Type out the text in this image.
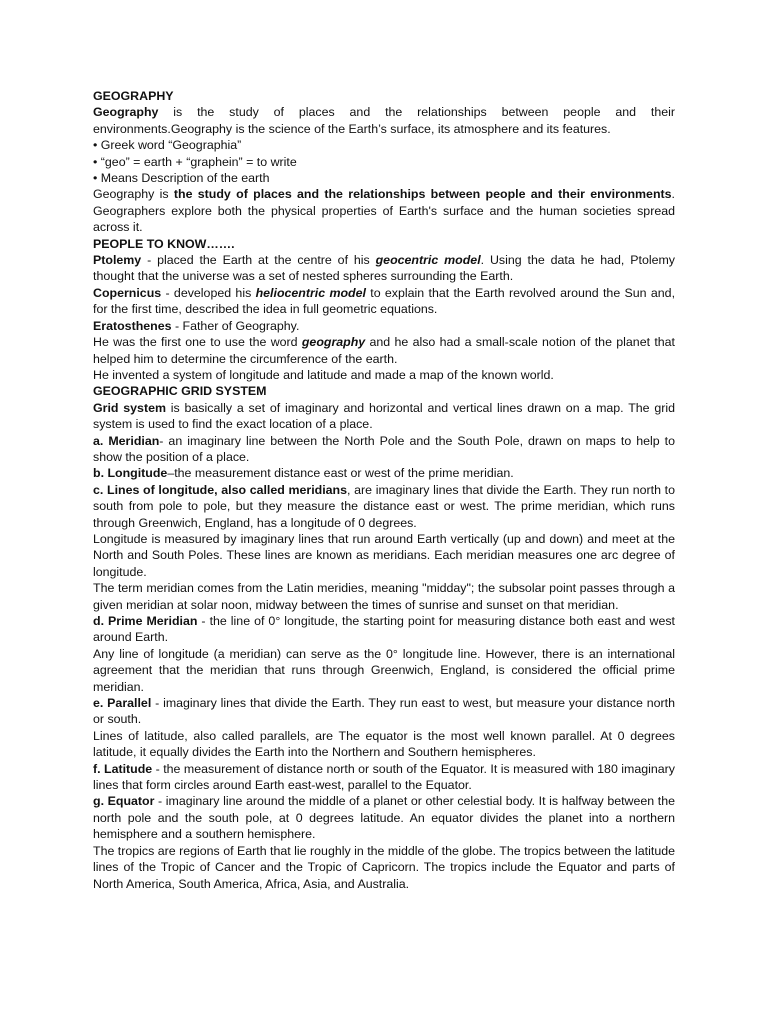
GEOGRAPHY

Geography is the study of places and the relationships between people and their environments.Geography is the science of the Earth’s surface, its atmosphere and its features.

• Greek word “Geographia”

• “geo” = earth + “graphein” = to write

• Means Description of the earth

Geography is the study of places and the relationships between people and their environments. Geographers explore both the physical properties of Earth's surface and the human societies spread across it.

PEOPLE TO KNOW…….

Ptolemy - placed the Earth at the centre of his geocentric model. Using the data he had, Ptolemy thought that the universe was a set of nested spheres surrounding the Earth.

Copernicus - developed his heliocentric model to explain that the Earth revolved around the Sun and, for the first time, described the idea in full geometric equations.

Eratosthenes - Father of Geography.

He was the first one to use the word geography and he also had a small-scale notion of the planet that helped him to determine the circumference of the earth.

He invented a system of longitude and latitude and made a map of the known world.

GEOGRAPHIC GRID SYSTEM

Grid system is basically a set of imaginary and horizontal and vertical lines drawn on a map. The grid system is used to find the exact location of a place.

a. Meridian- an imaginary line between the North Pole and the South Pole, drawn on maps to help to show the position of a place.

b. Longitude–the measurement distance east or west of the prime meridian.

c. Lines of longitude, also called meridians, are imaginary lines that divide the Earth. They run north to south from pole to pole, but they measure the distance east or west. The prime meridian, which runs through Greenwich, England, has a longitude of 0 degrees.

Longitude is measured by imaginary lines that run around Earth vertically (up and down) and meet at the North and South Poles. These lines are known as meridians. Each meridian measures one arc degree of longitude.

The term meridian comes from the Latin meridies, meaning "midday"; the subsolar point passes through a given meridian at solar noon, midway between the times of sunrise and sunset on that meridian.

d. Prime Meridian - the line of 0° longitude, the starting point for measuring distance both east and west around Earth.

Any line of longitude (a meridian) can serve as the 0° longitude line. However, there is an international agreement that the meridian that runs through Greenwich, England, is considered the official prime meridian.

e. Parallel - imaginary lines that divide the Earth. They run east to west, but measure your distance north or south.

Lines of latitude, also called parallels, are The equator is the most well known parallel. At 0 degrees latitude, it equally divides the Earth into the Northern and Southern hemispheres.

f. Latitude - the measurement of distance north or south of the Equator. It is measured with 180 imaginary lines that form circles around Earth east-west, parallel to the Equator.

g. Equator - imaginary line around the middle of a planet or other celestial body. It is halfway between the north pole and the south pole, at 0 degrees latitude. An equator divides the planet into a northern hemisphere and a southern hemisphere.

The tropics are regions of Earth that lie roughly in the middle of the globe. The tropics between the latitude lines of the Tropic of Cancer and the Tropic of Capricorn. The tropics include the Equator and parts of North America, South America, Africa, Asia, and Australia.
